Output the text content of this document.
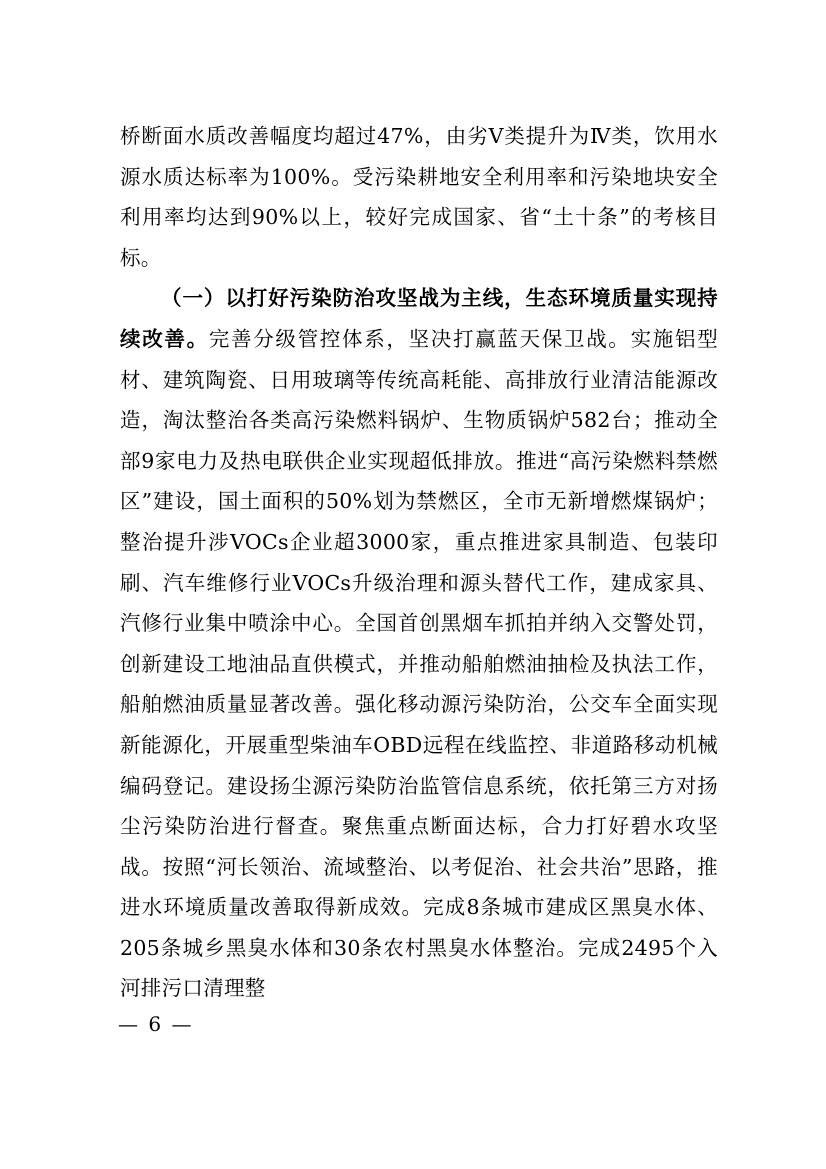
桥断面水质改善幅度均超过47%，由劣Ⅴ类提升为Ⅳ类，饮用水源水质达标率为100%。受污染耕地安全利用率和污染地块安全利用率均达到90%以上，较好完成国家、省“土十条”的考核目标。

（一）以打好污染防治攻坚战为主线，生态环境质量实现持续改善。完善分级管控体系，坚决打赢蓝天保卫战。实施铝型材、建筑陶瓷、日用玻璃等传统高耗能、高排放行业清洁能源改造，淘汰整治各类高污染燃料锅炉、生物质锅炉582台；推动全部9家电力及热电联供企业实现超低排放。推进“高污染燃料禁燃区”建设，国土面积的50%划为禁燃区，全市无新增燃煤锅炉；整治提升涉VOCs企业超3000家，重点推进家具制造、包装印刷、汽车维修行业VOCs升级治理和源头替代工作，建成家具、汽修行业集中喷涂中心。全国首创黑烟车抓拍并纳入交警处罚，创新建设工地油品直供模式，并推动船舶燃油抽检及执法工作，船舶燃油质量显著改善。强化移动源污染防治，公交车全面实现新能源化，开展重型柴油车OBD远程在线监控、非道路移动机械编码登记。建设扬尘源污染防治监管信息系统，依托第三方对扬尘污染防治进行督查。聚焦重点断面达标，合力打好碧水攻坚战。按照“河长领治、流域整治、以考促治、社会共治”思路，推进水环境质量改善取得新成效。完成8条城市建成区黑臭水体、205条城乡黑臭水体和30条农村黑臭水体整治。完成2495个入河排污口清理整

— 6 —
